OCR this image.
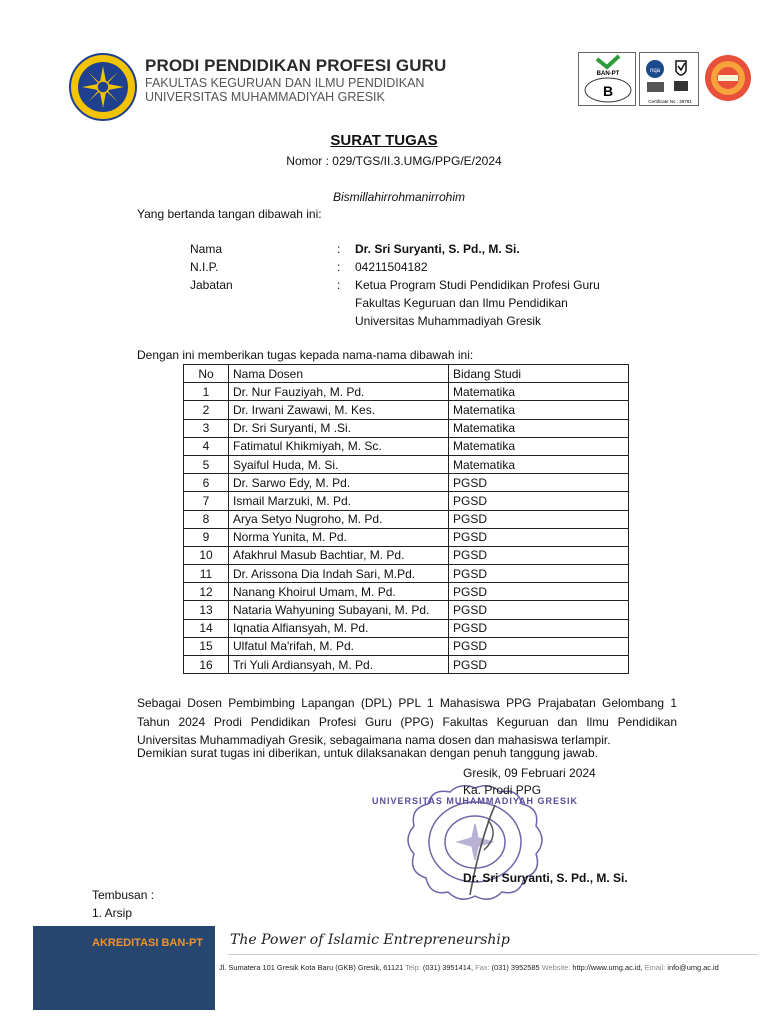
PRODI PENDIDIKAN PROFESI GURU
FAKULTAS KEGURUAN DAN ILMU PENDIDIKAN
UNIVERSITAS MUHAMMADIYAH GRESIK
BAN-PT
B
nqa
Certificate No : 49781
SURAT TUGAS
Nomor : 029/TGS/II.3.UMG/PPG/E/2024
Bismillahirrohmanirrohim
Yang bertanda tangan dibawah ini:
Nama	: Dr. Sri Suryanti, S. Pd., M. Si.
N.I.P.	: 04211504182
Jabatan	: Ketua Program Studi Pendidikan Profesi Guru
Fakultas Keguruan dan Ilmu Pendidikan
Universitas Muhammadiyah Gresik
Dengan ini memberikan tugas kepada nama-nama dibawah ini:
No	Nama Dosen	Bidang Studi
1	Dr. Nur Fauziyah, M. Pd.	Matematika
2	Dr. Irwani Zawawi, M. Kes.	Matematika
3	Dr. Sri Suryanti, M .Si.	Matematika
4	Fatimatul Khikmiyah, M. Sc.	Matematika
5	Syaiful Huda, M. Si.	Matematika
6	Dr. Sarwo Edy, M. Pd.	PGSD
7	Ismail Marzuki, M. Pd.	PGSD
8	Arya Setyo Nugroho, M. Pd.	PGSD
9	Norma Yunita, M. Pd.	PGSD
10	Afakhrul Masub Bachtiar, M. Pd.	PGSD
11	Dr. Arissona Dia Indah Sari, M.Pd.	PGSD
12	Nanang Khoirul Umam, M. Pd.	PGSD
13	Nataria Wahyuning Subayani, M. Pd.	PGSD
14	Iqnatia Alfiansyah, M. Pd.	PGSD
15	Ulfatul Ma'rifah, M. Pd.	PGSD
16	Tri Yuli Ardiansyah, M. Pd.	PGSD
Sebagai Dosen Pembimbing Lapangan (DPL) PPL 1 Mahasiswa PPG Prajabatan Gelombang 1 Tahun 2024 Prodi Pendidikan Profesi Guru (PPG) Fakultas Keguruan dan Ilmu Pendidikan Universitas Muhammadiyah Gresik, sebagaimana nama dosen dan mahasiswa terlampir.
Demikian surat tugas ini diberikan, untuk dilaksanakan dengan penuh tanggung jawab.
UNIVERSITAS MUHAMMADIYAH GRESIK
Gresik, 09 Februari 2024
Ka. Prodi PPG
Dr. Sri Suryanti, S. Pd., M. Si.
Tembusan :
1. Arsip
AKREDITASI BAN-PT The Power of Islamic Entrepreneurship
Jl. Sumatera 101 Gresik Kota Baru (GKB) Gresik, 61121 Telp: (031) 3951414, Fax: (031) 3952585 Website: http://www.umg.ac.id, Email: info@umg.ac.id
